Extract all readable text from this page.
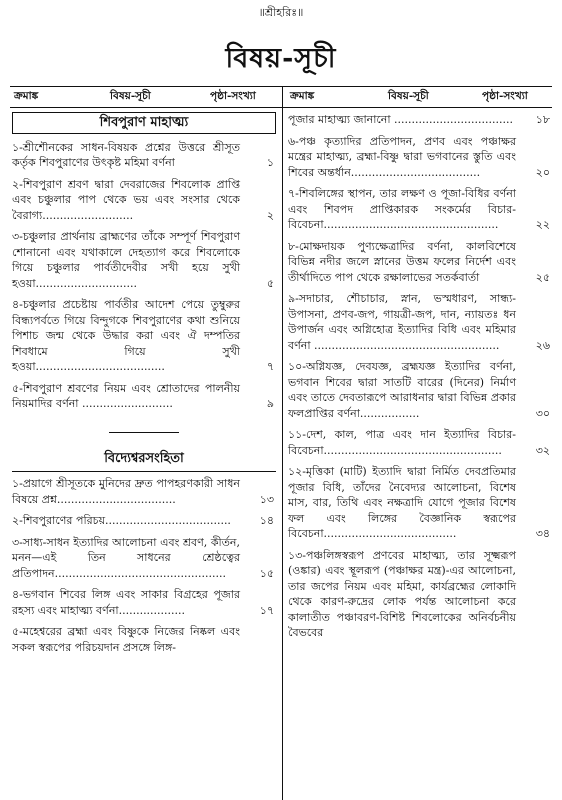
॥শ্রীহরিঃ॥
বিষয়-সূচী
ক্রমাঙ্ক	বিষয়-সূচী	পৃষ্ঠা-সংখ্যা	ক্রমাঙ্ক	বিষয়-সূচী	পৃষ্ঠা-সংখ্যা
শিবপুরাণ মাহাত্ম্য
১-শ্রীশৌনকের সাধন-বিষয়ক প্রশ্নের উত্তরে শ্রীসূত কর্তৃক শিবপুরাণের উৎকৃষ্ট মহিমা বর্ণনা	১
২-শিবপুরাণ শ্রবণ দ্বারা দেবরাজের শিবলোক প্রাপ্তি এবং চঞ্চুলার পাপ থেকে ভয় এবং সংসার থেকে বৈরাগ্য..........................	২
৩-চঞ্চুলার প্রার্থনায় ব্রাহ্মণের তাঁকে সম্পূর্ণ শিবপুরাণ শোনানো এবং যথাকালে দেহত্যাগ করে শিবলোকে গিয়ে চঞ্চুলার পার্বতীদেবীর সখী হয়ে সুখী হওয়া.............................	৫
৪-চঞ্চুলার প্রচেষ্টায় পার্বতীর আদেশ পেয়ে তুম্বুরুর বিন্ধ্যপর্বতে গিয়ে বিন্দুগকে শিবপুরাণের কথা শুনিয়ে পিশাচ জন্ম থেকে উদ্ধার করা এবং ঐ দম্পতির শিবধামে গিয়ে সুখী হওয়া.....................................	৭
৫-শিবপুরাণ শ্রবণের নিয়ম এবং শ্রোতাদের পালনীয় নিয়মাদির বর্ণনা ..........................	৯
বিদ্যেশ্বরসংহিতা
১-প্রয়াগে শ্রীসূতকে মুনিদের দ্রুত পাপহরণকারী সাধন বিষয়ে প্রশ্ন..................................	১৩
২-শিবপুরাণের পরিচয়....................................	১৪
৩-সাধ্য-সাধন ইত্যাদির আলোচনা এবং শ্রবণ, কীর্তন, মনন—এই তিন সাধনের শ্রেষ্ঠত্বের প্রতিপাদন.................................................	১৫
৪-ভগবান শিবের লিঙ্গ এবং সাকার বিগ্রহের পূজার রহস্য এবং মাহাত্ম্য বর্ণনা...................	১৭
৫-মহেশ্বরের ব্রহ্মা এবং বিষ্ণুকে নিজের নিষ্কল এবং সকল স্বরূপের পরিচয়দান প্রসঙ্গে লিঙ্গ-
পূজার মাহাত্ম্য জানানো ..................................	১৮
৬-পঞ্চ কৃত্যাদির প্রতিপাদন, প্রণব এবং পঞ্চাক্ষর মন্ত্রের মাহাত্ম্য, ব্রহ্মা-বিষ্ণু দ্বারা ভগবানের স্তুতি এবং শিবের অন্তর্ধান.....................................	২০
৭-শিবলিঙ্গের স্থাপন, তার লক্ষণ ও পূজা-বিধির বর্ণনা এবং শিবপদ প্রাপ্তিকারক সংকর্মের বিচার-বিবেচনা..................................................	২২
৮-মোক্ষদায়ক পুণ্যক্ষেত্রাদির বর্ণনা, কালবিশেষে বিভিন্ন নদীর জলে স্নানের উত্তম ফলের নির্দেশ এবং তীর্থাদিতে পাপ থেকে রক্ষালাভের সতর্কবার্তা	২৫
৯-সদাচার, শৌচাচার, স্নান, ভস্মধারণ, সান্ধ্য-উপাসনা, প্রণব-জপ, গায়ত্রী-জপ, দান, ন্যায়তঃ ধন উপার্জন এবং অগ্নিহোত্র ইত্যাদির বিধি এবং মহিমার বর্ণনা .....................................................	২৬
১০-অগ্নিযজ্ঞ, দেবযজ্ঞ, ব্রহ্মযজ্ঞ ইত্যাদির বর্ণনা, ভগবান শিবের দ্বারা সাতটি বারের (দিনের) নির্মাণ এবং তাতে দেবতারূপে আরাধনার দ্বারা বিভিন্ন প্রকার ফলপ্রাপ্তির বর্ণনা.................	৩০
১১-দেশ, কাল, পাত্র এবং দান ইত্যাদির বিচার-বিবেচনা...................................................	৩২
১২-মৃত্তিকা (মাটি) ইত্যাদি দ্বারা নির্মিত দেবপ্রতিমার পূজার বিধি, তাঁদের নৈবেদ্যর আলোচনা, বিশেষ মাস, বার, তিথি এবং নক্ষত্রাদি যোগে পূজার বিশেষ ফল এবং লিঙ্গের বৈজ্ঞানিক স্বরূপের বিবেচনা......................................	৩৪
১৩-পঞ্চলিঙ্গস্বরূপ প্রণবের মাহাত্ম্য, তার সূক্ষ্মরূপ (ওঙ্কার) এবং স্থূলরূপ (পঞ্চাক্ষর মন্ত্র)-এর আলোচনা, তার জপের নিয়ম এবং মহিমা, কার্যব্রহ্মের লোকাদি থেকে কারণ-রুদ্রের লোক পর্যন্ত আলোচনা করে কালাতীত পঞ্চাবরণ-বিশিষ্ট শিবলোকের অনির্বচনীয় বৈভবের
